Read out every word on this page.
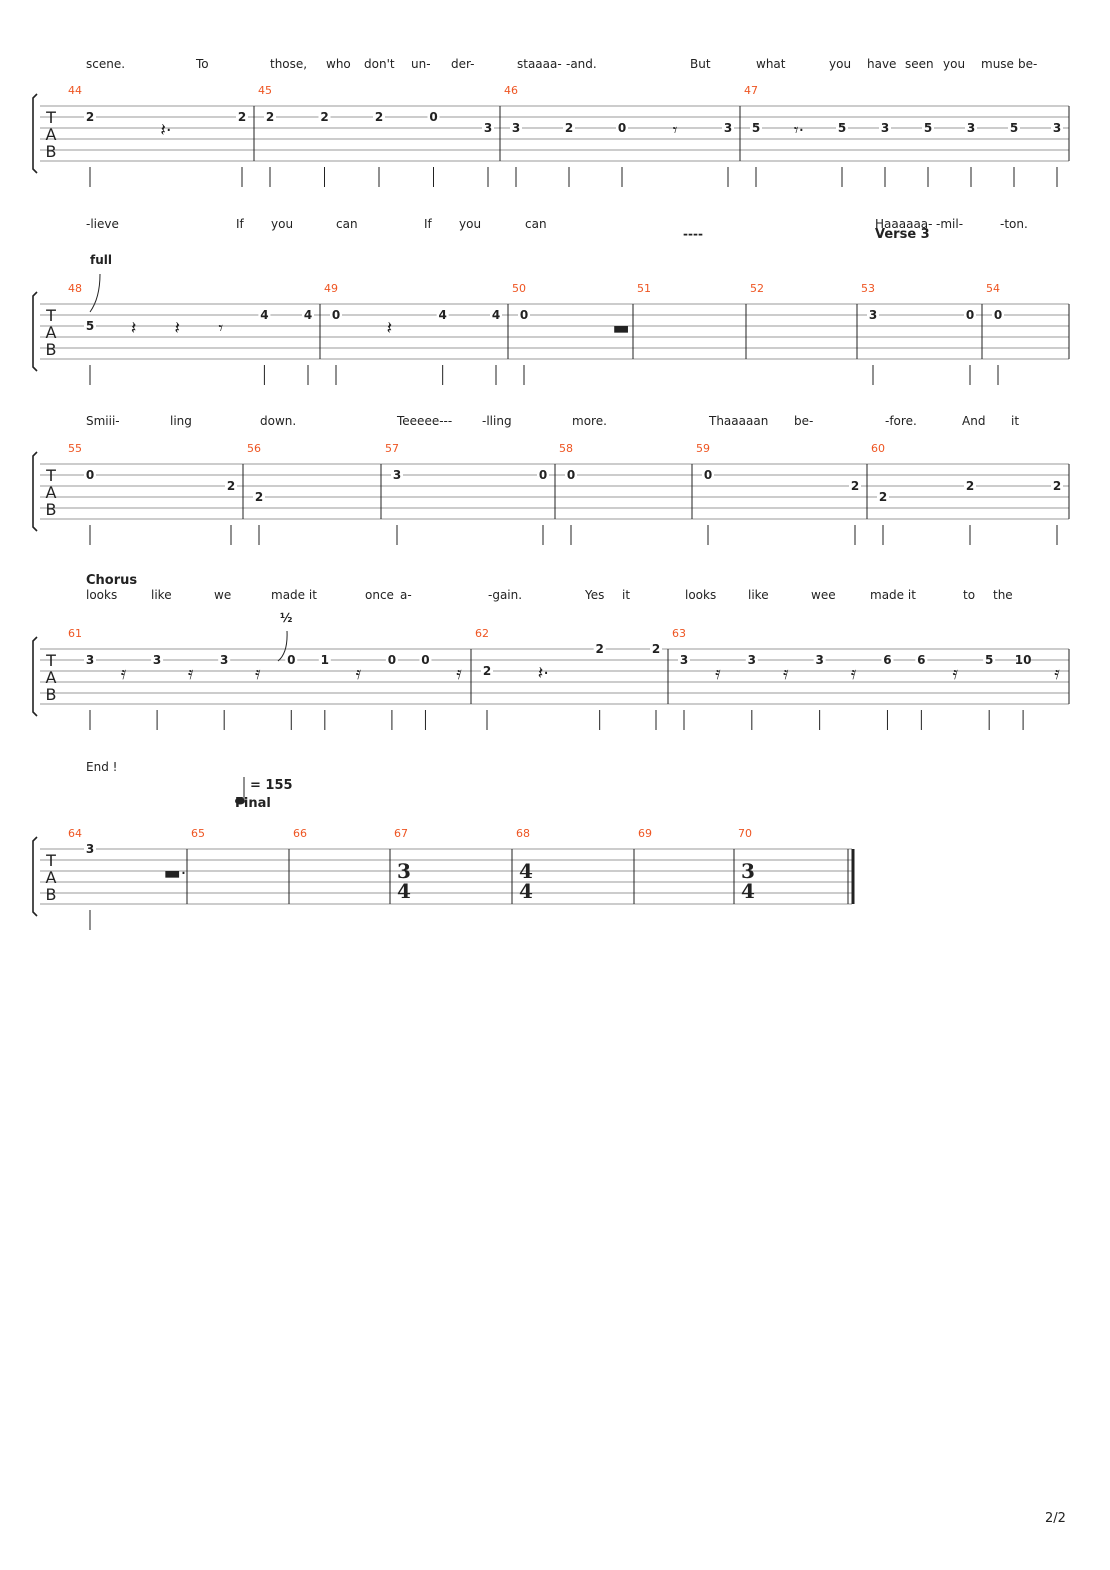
T
A
B
scene.	To	those, who don't un- der-	staaaa- -and.	But	what	you have seen you muse be-
44
2
𝄽·
2
45
2	2	2	0
3
46
3	2	0	𝄾	3
47
5 𝄾·	5	3	5	3	5	3
T
A
B
-lieve	If you	can	If you	can	Haaaaaa- -mil-	-ton.
full
----	Verse 3
48
5 𝄽 𝄽 𝄾
4	4
49
0
𝄽
4	4
50
0
▬
51	52	53
3	0
54
0
T
A
B
Smiii-	ling	down.	Teeeee--- -lling	more.	Thaaaaan be-	-fore.	And it
55
0
2
56
2
57
3	0
58
0
59
0
2
60
2
2	2
T
A
B
looks	like	we	made it	once a-	-gain.	Yes it	looks	like	wee	made it	to the
Chorus
½
61
3
𝄿
3
𝄿
3
𝄿
0 1
𝄿
0 0
𝄿
62
2	𝄽·
2	2
63
3
𝄿
3
𝄿
3
𝄿
6 6
𝄿
5 10
𝄿
T
A
B
End !
= 155
Final
64
3
▬·
65	66	67
3
4
68
4
4
69	70
3
4
2/2
